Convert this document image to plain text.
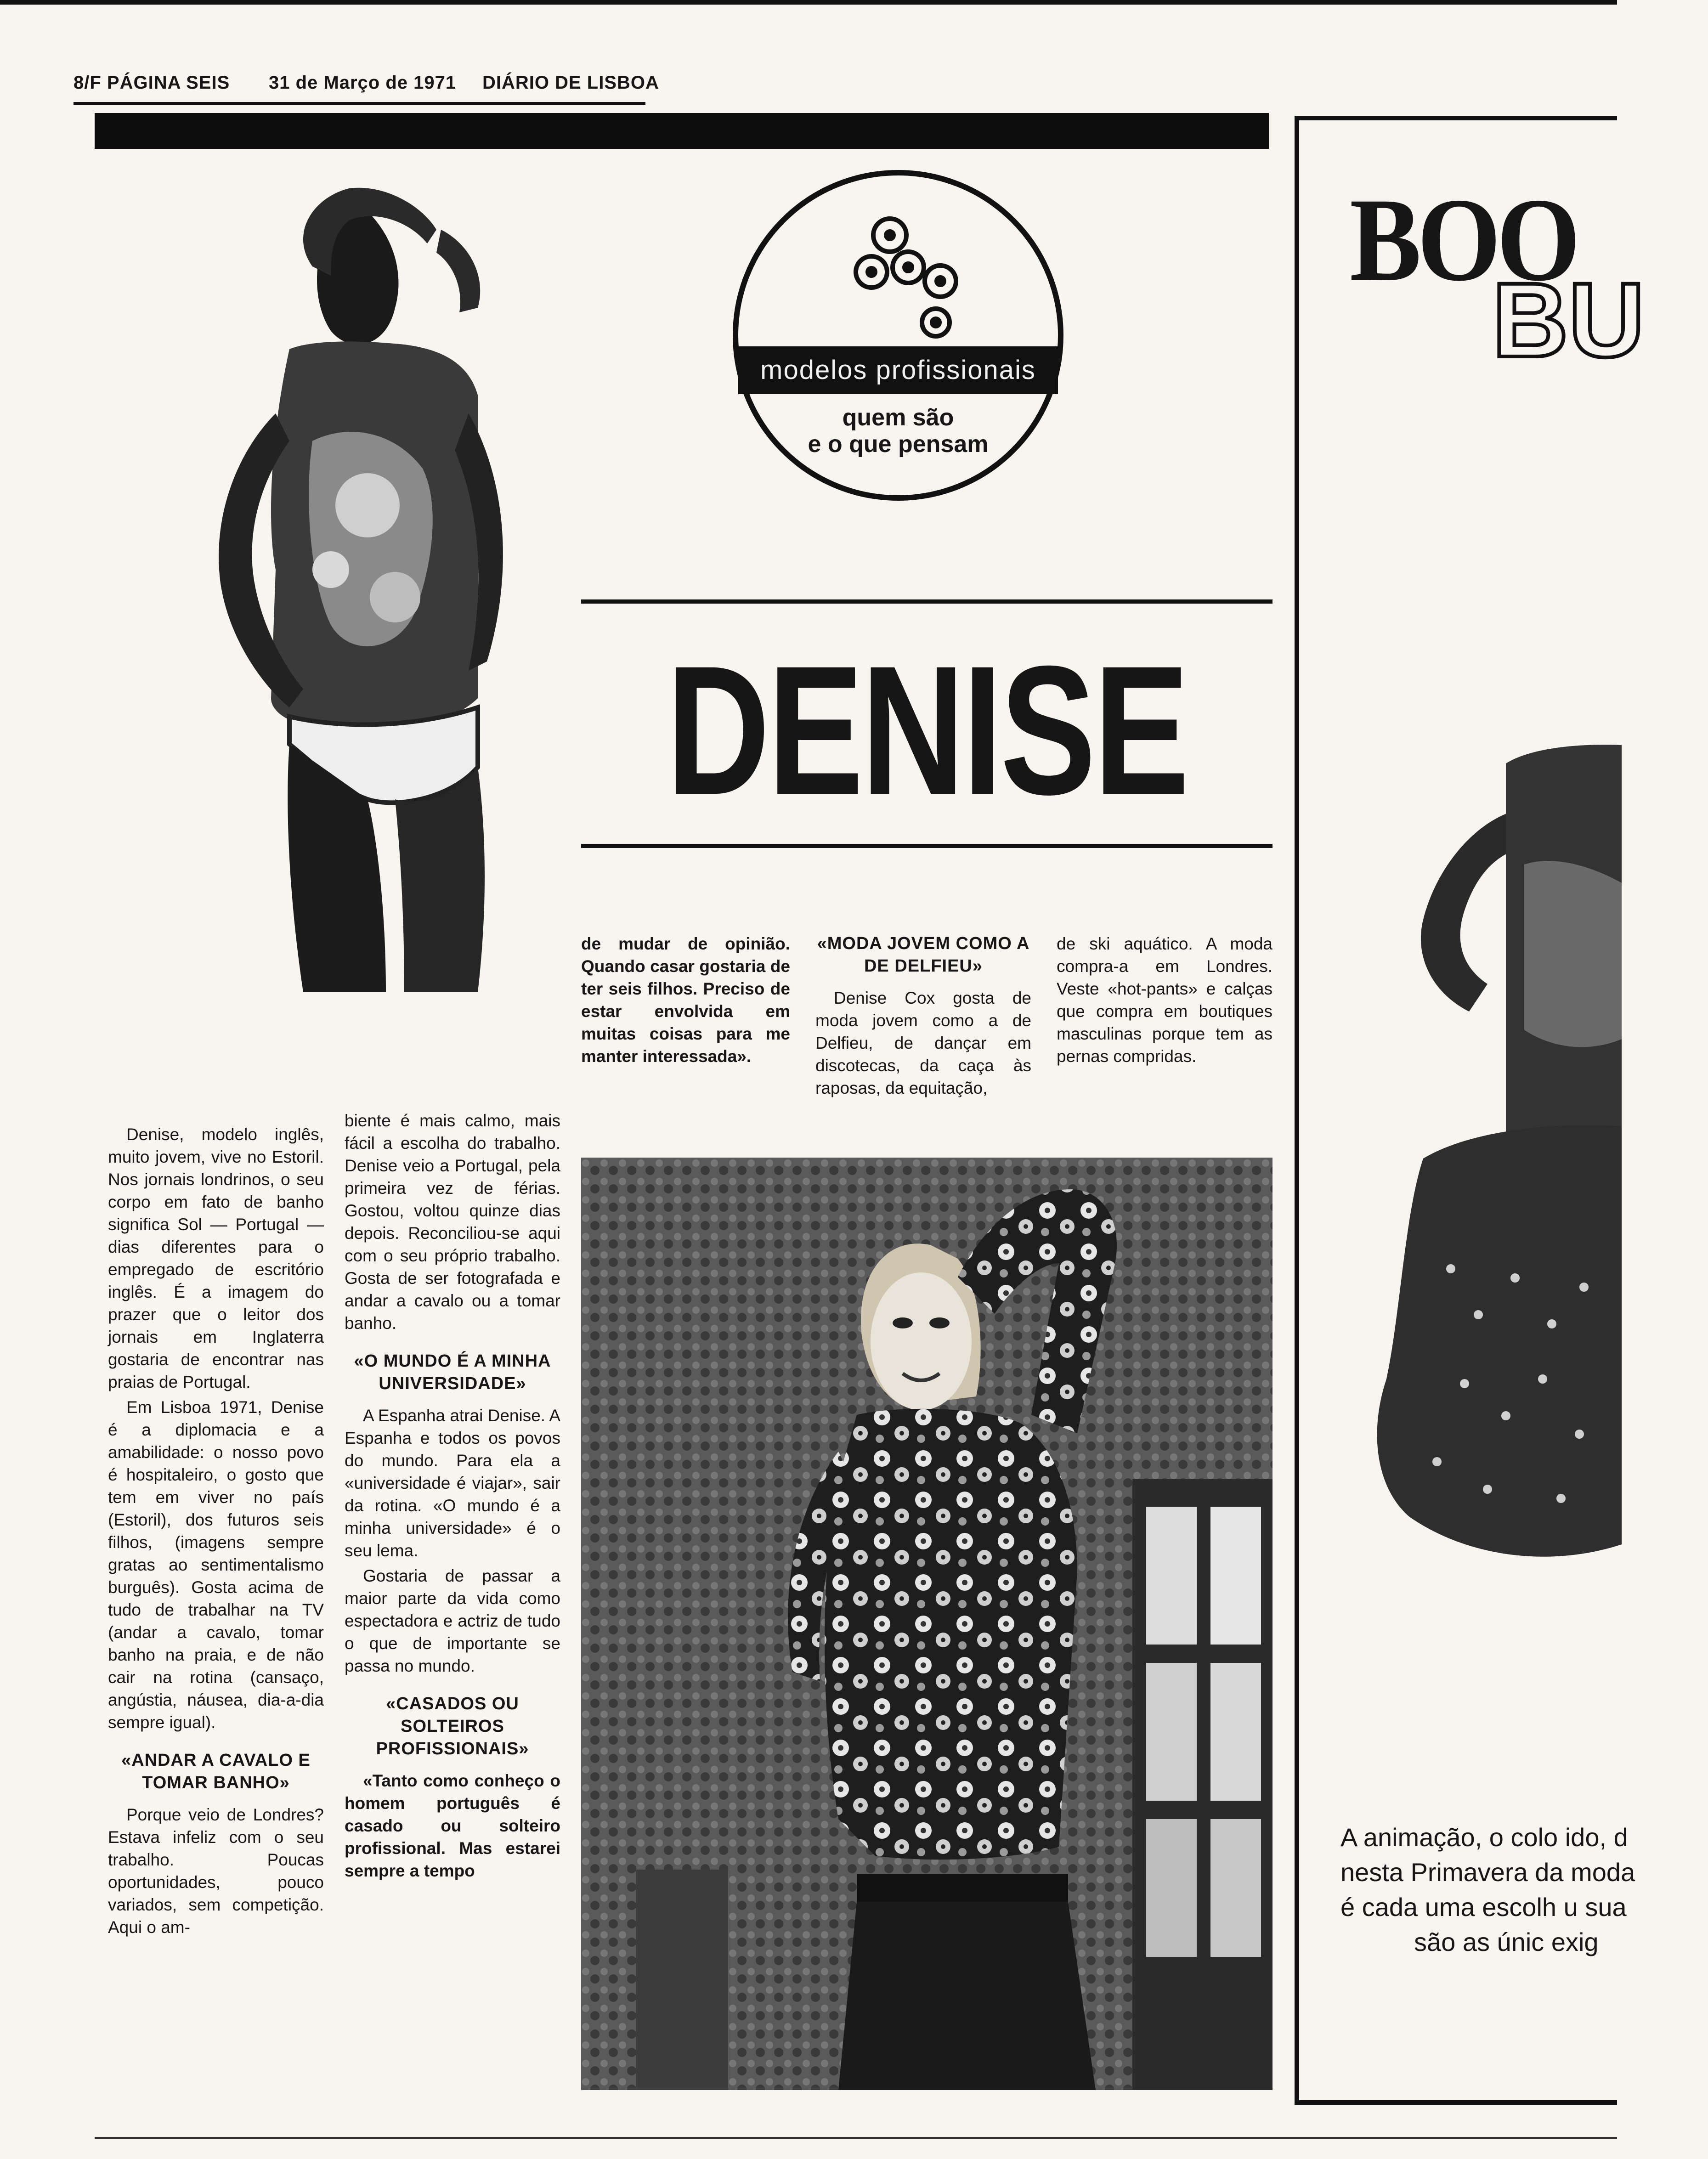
8/F PÁGINA SEIS 31 de Março de 1971 DIÁRIO DE LISBOA
modelos profissionais
quem são
e o que pensam
DENISE

de mudar de opinião. Quando casar gostaria de ter seis filhos. Preciso de estar envolvida em muitas coisas para me manter interessada».

«MODA JOVEM COMO A DE DELFIEU»

Denise Cox gosta de moda jovem como a de Delfieu, de dançar em discotecas, da caça às raposas, da equitação,

de ski aquático. A moda compra-a em Londres. Veste «hot-pants» e calças que compra em boutiques masculinas porque tem as pernas compridas.

Denise, modelo inglês, muito jovem, vive no Estoril. Nos jornais londrinos, o seu corpo em fato de banho significa Sol — Portugal — dias diferentes para o empregado de escritório inglês. É a imagem do prazer que o leitor dos jornais em Inglaterra gostaria de encontrar nas praias de Portugal.

Em Lisboa 1971, Denise é a diplomacia e a amabilidade: o nosso povo é hospitaleiro, o gosto que tem em viver no país (Estoril), dos futuros seis filhos, (imagens sempre gratas ao sentimentalismo burguês). Gosta acima de tudo de trabalhar na TV (andar a cavalo, tomar banho na praia, e de não cair na rotina (cansaço, angústia, náusea, dia-a-dia sempre igual).

«ANDAR A CAVALO E TOMAR BANHO»

Porque veio de Londres? Estava infeliz com o seu trabalho. Poucas oportunidades, pouco variados, sem competição. Aqui o am-

biente é mais calmo, mais fácil a escolha do trabalho. Denise veio a Portugal, pela primeira vez de férias. Gostou, voltou quinze dias depois. Reconciliou-se aqui com o seu próprio trabalho. Gosta de ser fotografada e andar a cavalo ou a tomar banho.

«O MUNDO É A MINHA UNIVERSIDADE»

A Espanha atrai Denise. A Espanha e todos os povos do mundo. Para ela a «universidade é viajar», sair da rotina. «O mundo é a minha universidade» é o seu lema.

Gostaria de passar a maior parte da vida como espectadora e actriz de tudo o que de importante se passa no mundo.

«CASADOS OU SOLTEIROS PROFISSIONAIS»

«Tanto como conheço o homem português é casado ou solteiro profissional. Mas estarei sempre a tempo

BOO
BU
A animação, o colo ido, d
nesta Primavera da moda
é cada uma escolh u sua
são as únic exig
